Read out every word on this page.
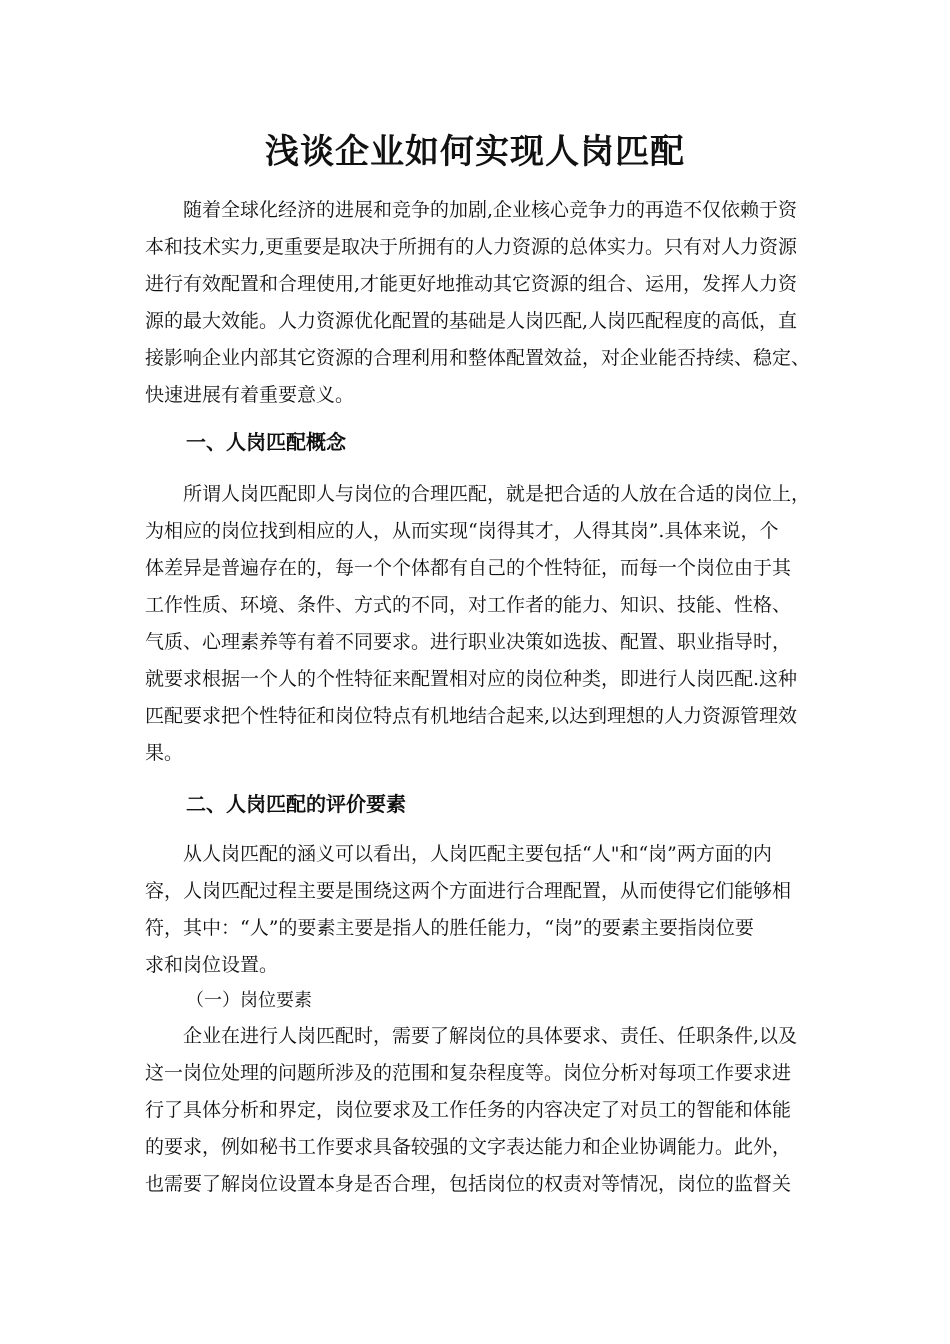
浅谈企业如何实现人岗匹配
随着全球化经济的进展和竞争的加剧,企业核心竞争力的再造不仅依赖于资
本和技术实力,更重要是取决于所拥有的人力资源的总体实力。只有对人力资源
进行有效配置和合理使用,才能更好地推动其它资源的组合、运用，发挥人力资
源的最大效能。人力资源优化配置的基础是人岗匹配,人岗匹配程度的高低，直
接影响企业内部其它资源的合理利用和整体配置效益，对企业能否持续、稳定、
快速进展有着重要意义。
一、人岗匹配概念
所谓人岗匹配即人与岗位的合理匹配，就是把合适的人放在合适的岗位上，
为相应的岗位找到相应的人，从而实现“岗得其才，人得其岗”.具体来说，个
体差异是普遍存在的，每一个个体都有自己的个性特征，而每一个岗位由于其
工作性质、环境、条件、方式的不同，对工作者的能力、知识、技能、性格、
气质、心理素养等有着不同要求。进行职业决策如选拔、配置、职业指导时，
就要求根据一个人的个性特征来配置相对应的岗位种类，即进行人岗匹配.这种
匹配要求把个性特征和岗位特点有机地结合起来,以达到理想的人力资源管理效
果。
二、人岗匹配的评价要素
从人岗匹配的涵义可以看出，人岗匹配主要包括“人"和“岗”两方面的内
容，人岗匹配过程主要是围绕这两个方面进行合理配置，从而使得它们能够相
符，其中：“人”的要素主要是指人的胜任能力，“岗”的要素主要指岗位要
求和岗位设置。
（一）岗位要素
企业在进行人岗匹配时，需要了解岗位的具体要求、责任、任职条件,以及
这一岗位处理的问题所涉及的范围和复杂程度等。岗位分析对每项工作要求进
行了具体分析和界定，岗位要求及工作任务的内容决定了对员工的智能和体能
的要求，例如秘书工作要求具备较强的文字表达能力和企业协调能力。此外，
也需要了解岗位设置本身是否合理，包括岗位的权责对等情况，岗位的监督关
